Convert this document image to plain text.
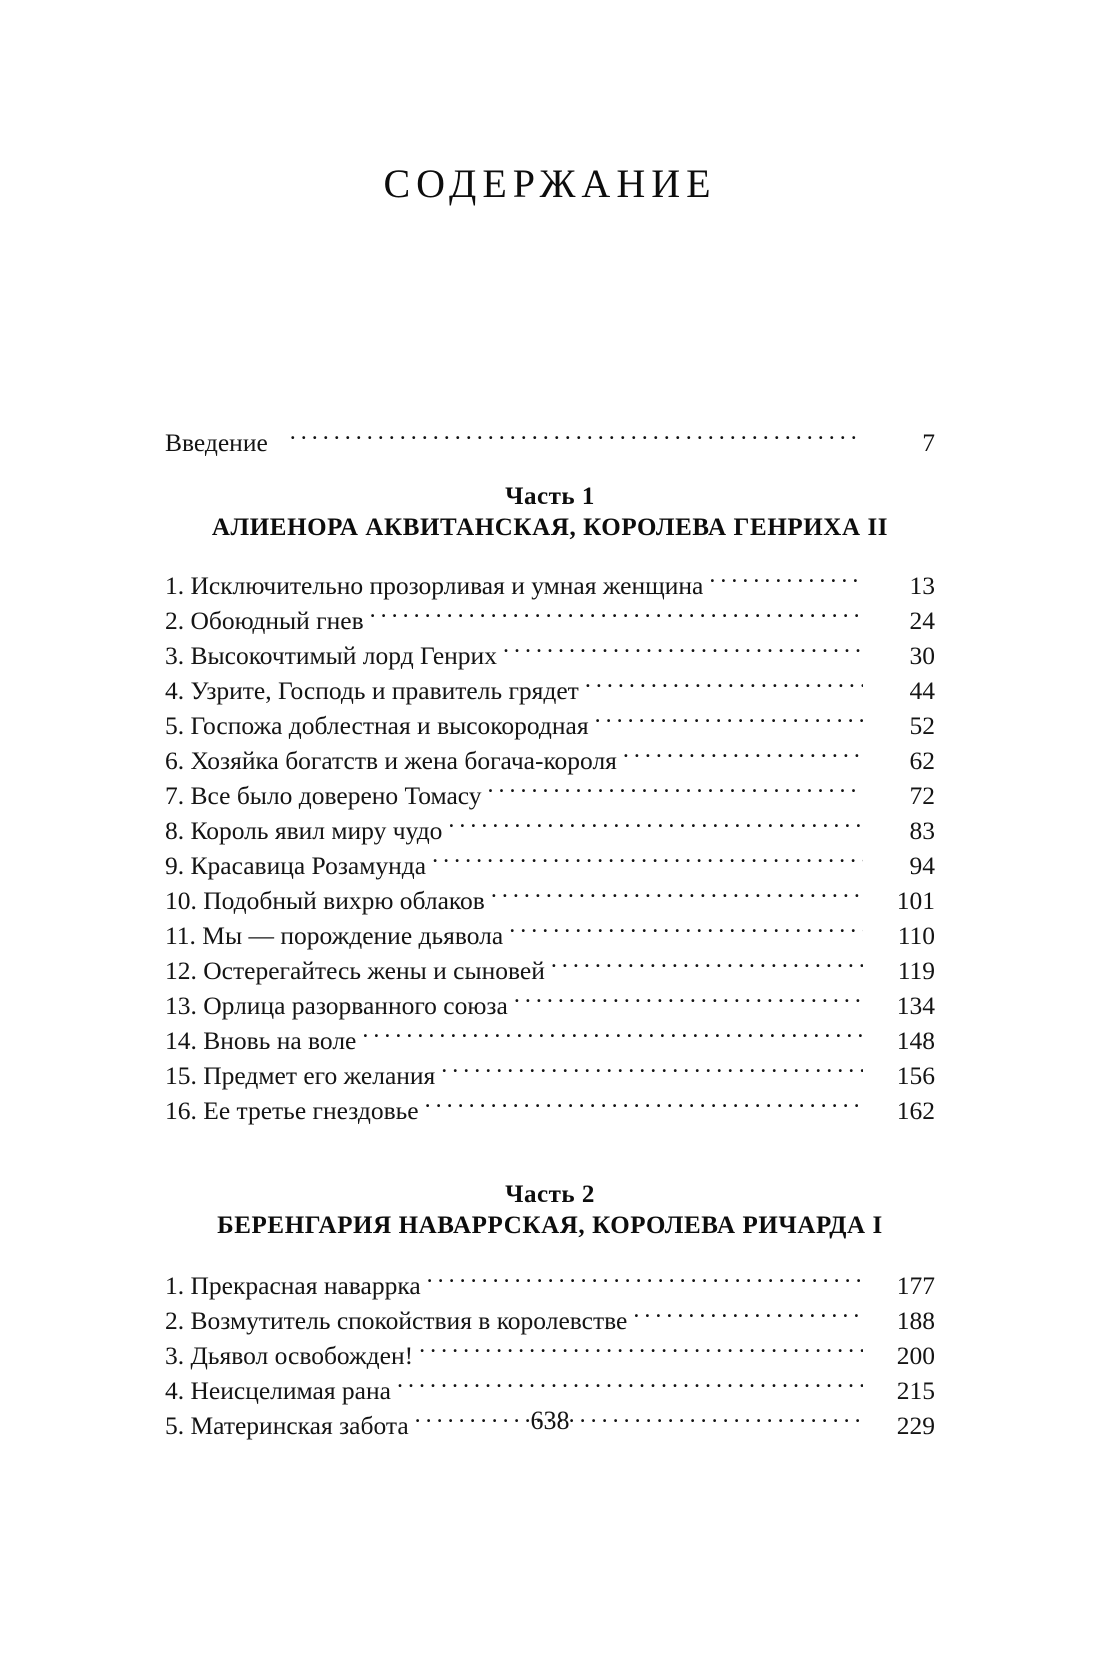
СОДЕРЖАНИЕ
Введение . . .	7
Часть 1
АЛИЕНОРА АКВИТАНСКАЯ, КОРОЛЕВА ГЕНРИХА II
1. Исключительно прозорливая и умная женщина . . .	13
2. Обоюдный гнев . . .	24
3. Высокочтимый лорд Генрих . . .	30
4. Узрите, Господь и правитель грядет . . .	44
5. Госпожа доблестная и высокородная . . .	52
6. Хозяйка богатств и жена богача-короля . . .	62
7. Все было доверено Томасу . . .	72
8. Король явил миру чудо . . .	83
9. Красавица Розамунда . . .	94
10. Подобный вихрю облаков . . .	101
11. Мы — порождение дьявола . . .	110
12. Остерегайтесь жены и сыновей . . .	119
13. Орлица разорванного союза . . .	134
14. Вновь на воле . . .	148
15. Предмет его желания . . .	156
16. Ее третье гнездовье . . .	162
Часть 2
БЕРЕНГАРИЯ НАВАРРСКАЯ, КОРОЛЕВА РИЧАРДА I
1. Прекрасная наваррка . . .	177
2. Возмутитель спокойствия в королевстве . . .	188
3. Дьявол освобожден! . . .	200
4. Неисцелимая рана . . .	215
5. Материнская забота . . .	229
638
